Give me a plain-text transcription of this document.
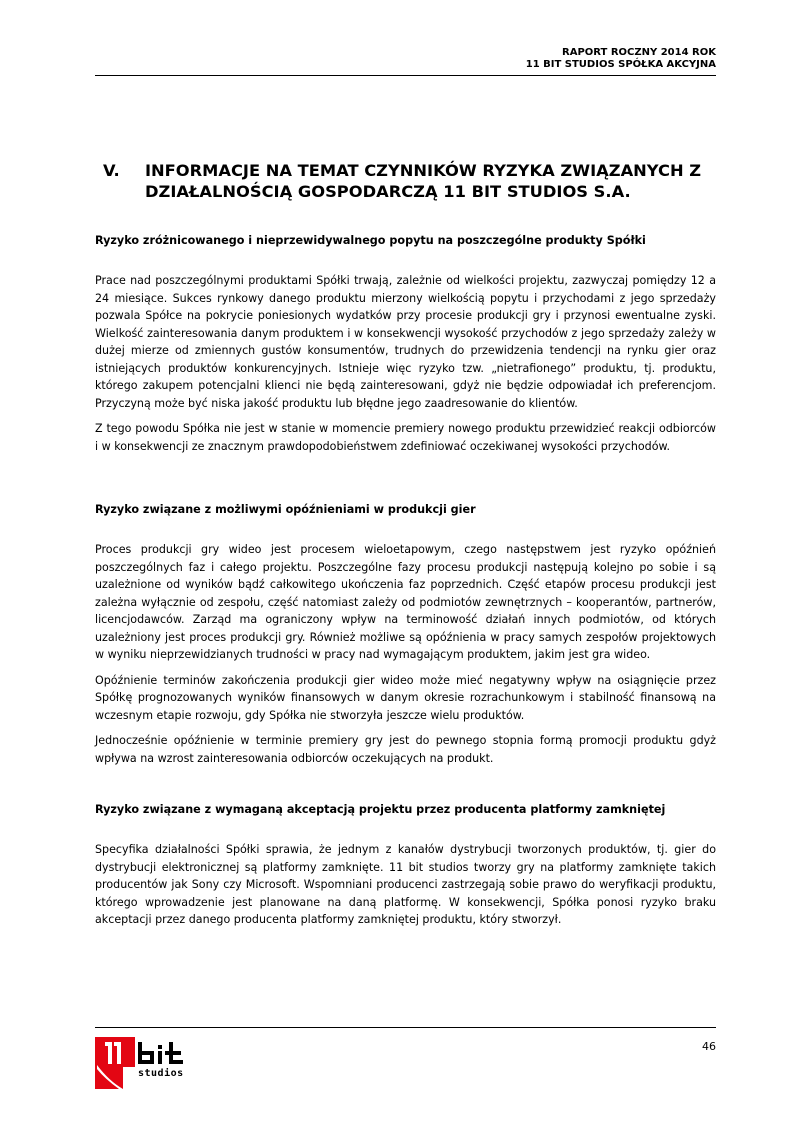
RAPORT ROCZNY 2014 ROK
11 BIT STUDIOS SPÓŁKA AKCYJNA
V. INFORMACJE NA TEMAT CZYNNIKÓW RYZYKA ZWIĄZANYCH Z DZIAŁALNOŚCIĄ GOSPODARCZĄ 11 BIT STUDIOS S.A.
Ryzyko zróżnicowanego i nieprzewidywalnego popytu na poszczególne produkty Spółki

Prace nad poszczególnymi produktami Spółki trwają, zależnie od wielkości projektu, zazwyczaj pomiędzy 12 a 24 miesiące. Sukces rynkowy danego produktu mierzony wielkością popytu i przychodami z jego sprzedaży pozwala Spółce na pokrycie poniesionych wydatków przy procesie produkcji gry i przynosi ewentualne zyski. Wielkość zainteresowania danym produktem i w konsekwencji wysokość przychodów z jego sprzedaży zależy w dużej mierze od zmiennych gustów konsumentów, trudnych do przewidzenia tendencji na rynku gier oraz istniejących produktów konkurencyjnych. Istnieje więc ryzyko tzw. „nietrafionego” produktu, tj. produktu, którego zakupem potencjalni klienci nie będą zainteresowani, gdyż nie będzie odpowiadał ich preferencjom. Przyczyną może być niska jakość produktu lub błędne jego zaadresowanie do klientów.

Z tego powodu Spółka nie jest w stanie w momencie premiery nowego produktu przewidzieć reakcji odbiorców i w konsekwencji ze znacznym prawdopodobieństwem zdefiniować oczekiwanej wysokości przychodów.

Ryzyko związane z możliwymi opóźnieniami w produkcji gier

Proces produkcji gry wideo jest procesem wieloetapowym, czego następstwem jest ryzyko opóźnień poszczególnych faz i całego projektu. Poszczególne fazy procesu produkcji następują kolejno po sobie i są uzależnione od wyników bądź całkowitego ukończenia faz poprzednich. Część etapów procesu produkcji jest zależna wyłącznie od zespołu, część natomiast zależy od podmiotów zewnętrznych – kooperantów, partnerów, licencjodawców. Zarząd ma ograniczony wpływ na terminowość działań innych podmiotów, od których uzależniony jest proces produkcji gry. Również możliwe są opóźnienia w pracy samych zespołów projektowych w wyniku nieprzewidzianych trudności w pracy nad wymagającym produktem, jakim jest gra wideo.

Opóźnienie terminów zakończenia produkcji gier wideo może mieć negatywny wpływ na osiągnięcie przez Spółkę prognozowanych wyników finansowych w danym okresie rozrachunkowym i stabilność finansową na wczesnym etapie rozwoju, gdy Spółka nie stworzyła jeszcze wielu produktów.

Jednocześnie opóźnienie w terminie premiery gry jest do pewnego stopnia formą promocji produktu gdyż wpływa na wzrost zainteresowania odbiorców oczekujących na produkt.

Ryzyko związane z wymaganą akceptacją projektu przez producenta platformy zamkniętej

Specyfika działalności Spółki sprawia, że jednym z kanałów dystrybucji tworzonych produktów, tj. gier do dystrybucji elektronicznej są platformy zamknięte. 11 bit studios tworzy gry na platformy zamknięte takich producentów jak Sony czy Microsoft. Wspomniani producenci zastrzegają sobie prawo do weryfikacji produktu, którego wprowadzenie jest planowane na daną platformę. W konsekwencji, Spółka ponosi ryzyko braku akceptacji przez danego producenta platformy zamkniętej produktu, który stworzył.

studios
46
